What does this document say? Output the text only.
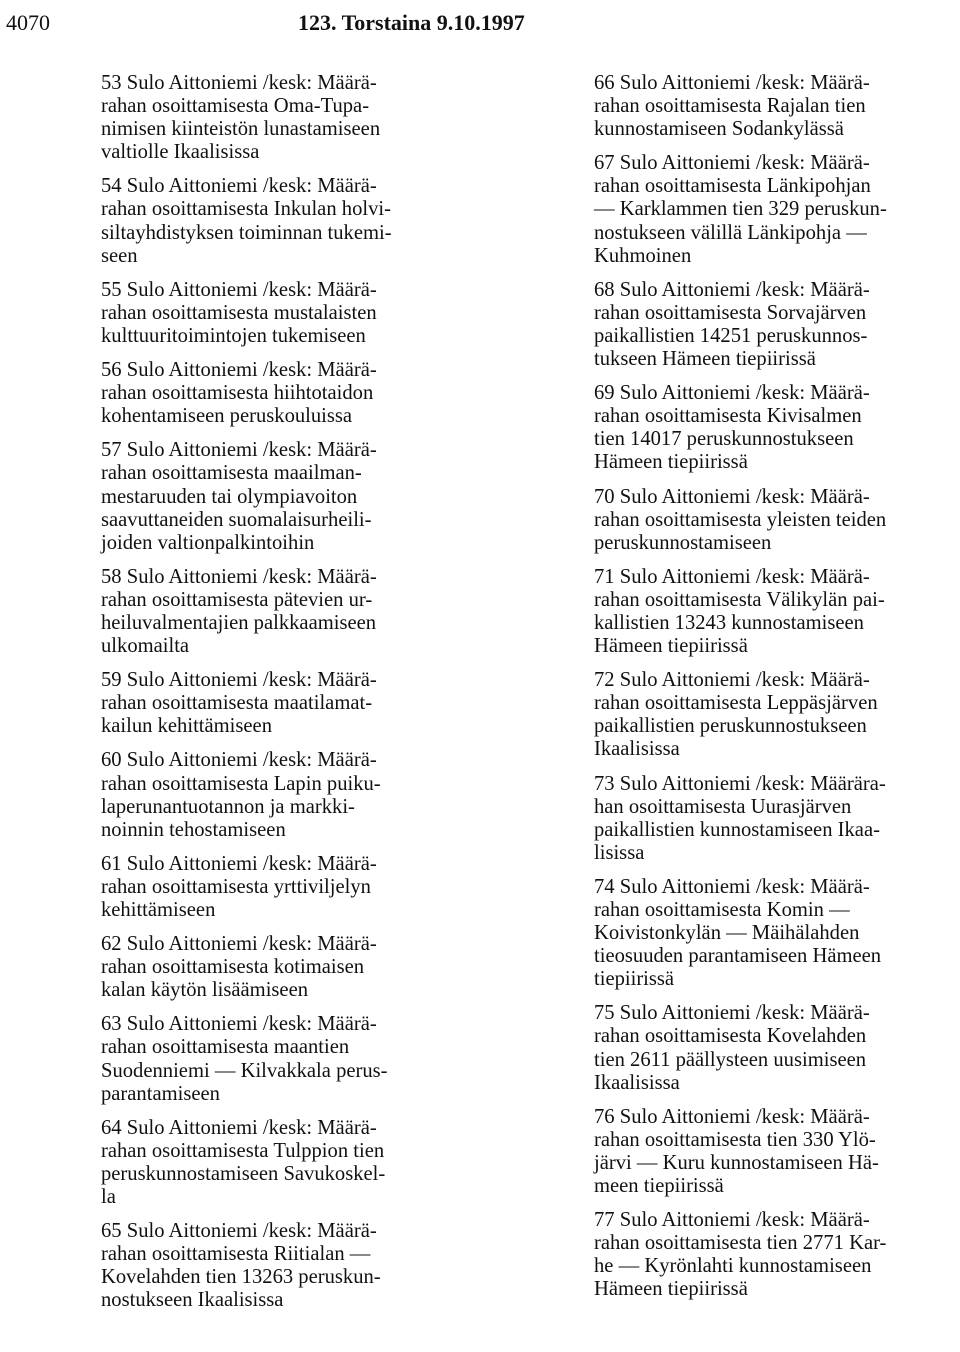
4070	123. Torstaina 9.10.1997

53 Sulo Aittoniemi /kesk: Määrä-
rahan osoittamisesta Oma-Tupa-
nimisen kiinteistön lunastamiseen
valtiolle Ikaalisissa

54 Sulo Aittoniemi /kesk: Määrä-
rahan osoittamisesta Inkulan holvi-
siltayhdistyksen toiminnan tukemi-
seen

55 Sulo Aittoniemi /kesk: Määrä-
rahan osoittamisesta mustalaisten
kulttuuritoimintojen tukemiseen

56 Sulo Aittoniemi /kesk: Määrä-
rahan osoittamisesta hiihtotaidon
kohentamiseen peruskouluissa

57 Sulo Aittoniemi /kesk: Määrä-
rahan osoittamisesta maailman-
mestaruuden tai olympiavoiton
saavuttaneiden suomalaisurheili-
joiden valtionpalkintoihin

58 Sulo Aittoniemi /kesk: Määrä-
rahan osoittamisesta pätevien ur-
heiluvalmentajien palkkaamiseen
ulkomailta

59 Sulo Aittoniemi /kesk: Määrä-
rahan osoittamisesta maatilamat-
kailun kehittämiseen

60 Sulo Aittoniemi /kesk: Määrä-
rahan osoittamisesta Lapin puiku-
laperunantuotannon ja markki-
noinnin tehostamiseen

61 Sulo Aittoniemi /kesk: Määrä-
rahan osoittamisesta yrttiviljelyn
kehittämiseen

62 Sulo Aittoniemi /kesk: Määrä-
rahan osoittamisesta kotimaisen
kalan käytön lisäämiseen

63 Sulo Aittoniemi /kesk: Määrä-
rahan osoittamisesta maantien
Suodenniemi — Kilvakkala perus-
parantamiseen

64 Sulo Aittoniemi /kesk: Määrä-
rahan osoittamisesta Tulppion tien
peruskunnostamiseen Savukoskel-
la

65 Sulo Aittoniemi /kesk: Määrä-
rahan osoittamisesta Riitialan —
Kovelahden tien 13263 peruskun-
nostukseen Ikaalisissa

66 Sulo Aittoniemi /kesk: Määrä-
rahan osoittamisesta Rajalan tien
kunnostamiseen Sodankylässä

67 Sulo Aittoniemi /kesk: Määrä-
rahan osoittamisesta Länkipohjan
— Karklammen tien 329 peruskun-
nostukseen välillä Länkipohja —
Kuhmoinen

68 Sulo Aittoniemi /kesk: Määrä-
rahan osoittamisesta Sorvajärven
paikallistien 14251 peruskunnos-
tukseen Hämeen tiepiirissä

69 Sulo Aittoniemi /kesk: Määrä-
rahan osoittamisesta Kivisalmen
tien 14017 peruskunnostukseen
Hämeen tiepiirissä

70 Sulo Aittoniemi /kesk: Määrä-
rahan osoittamisesta yleisten teiden
peruskunnostamiseen

71 Sulo Aittoniemi /kesk: Määrä-
rahan osoittamisesta Välikylän pai-
kallistien 13243 kunnostamiseen
Hämeen tiepiirissä

72 Sulo Aittoniemi /kesk: Määrä-
rahan osoittamisesta Leppäsjärven
paikallistien peruskunnostukseen
Ikaalisissa

73 Sulo Aittoniemi /kesk: Määrära-
han osoittamisesta Uurasjärven
paikallistien kunnostamiseen Ikaa-
lisissa

74 Sulo Aittoniemi /kesk: Määrä-
rahan osoittamisesta Komin —
Koivistonkylän — Mäihälahden
tieosuuden parantamiseen Hämeen
tiepiirissä

75 Sulo Aittoniemi /kesk: Määrä-
rahan osoittamisesta Kovelahden
tien 2611 päällysteen uusimiseen
Ikaalisissa

76 Sulo Aittoniemi /kesk: Määrä-
rahan osoittamisesta tien 330 Ylö-
järvi — Kuru kunnostamiseen Hä-
meen tiepiirissä

77 Sulo Aittoniemi /kesk: Määrä-
rahan osoittamisesta tien 2771 Kar-
he — Kyrönlahti kunnostamiseen
Hämeen tiepiirissä
